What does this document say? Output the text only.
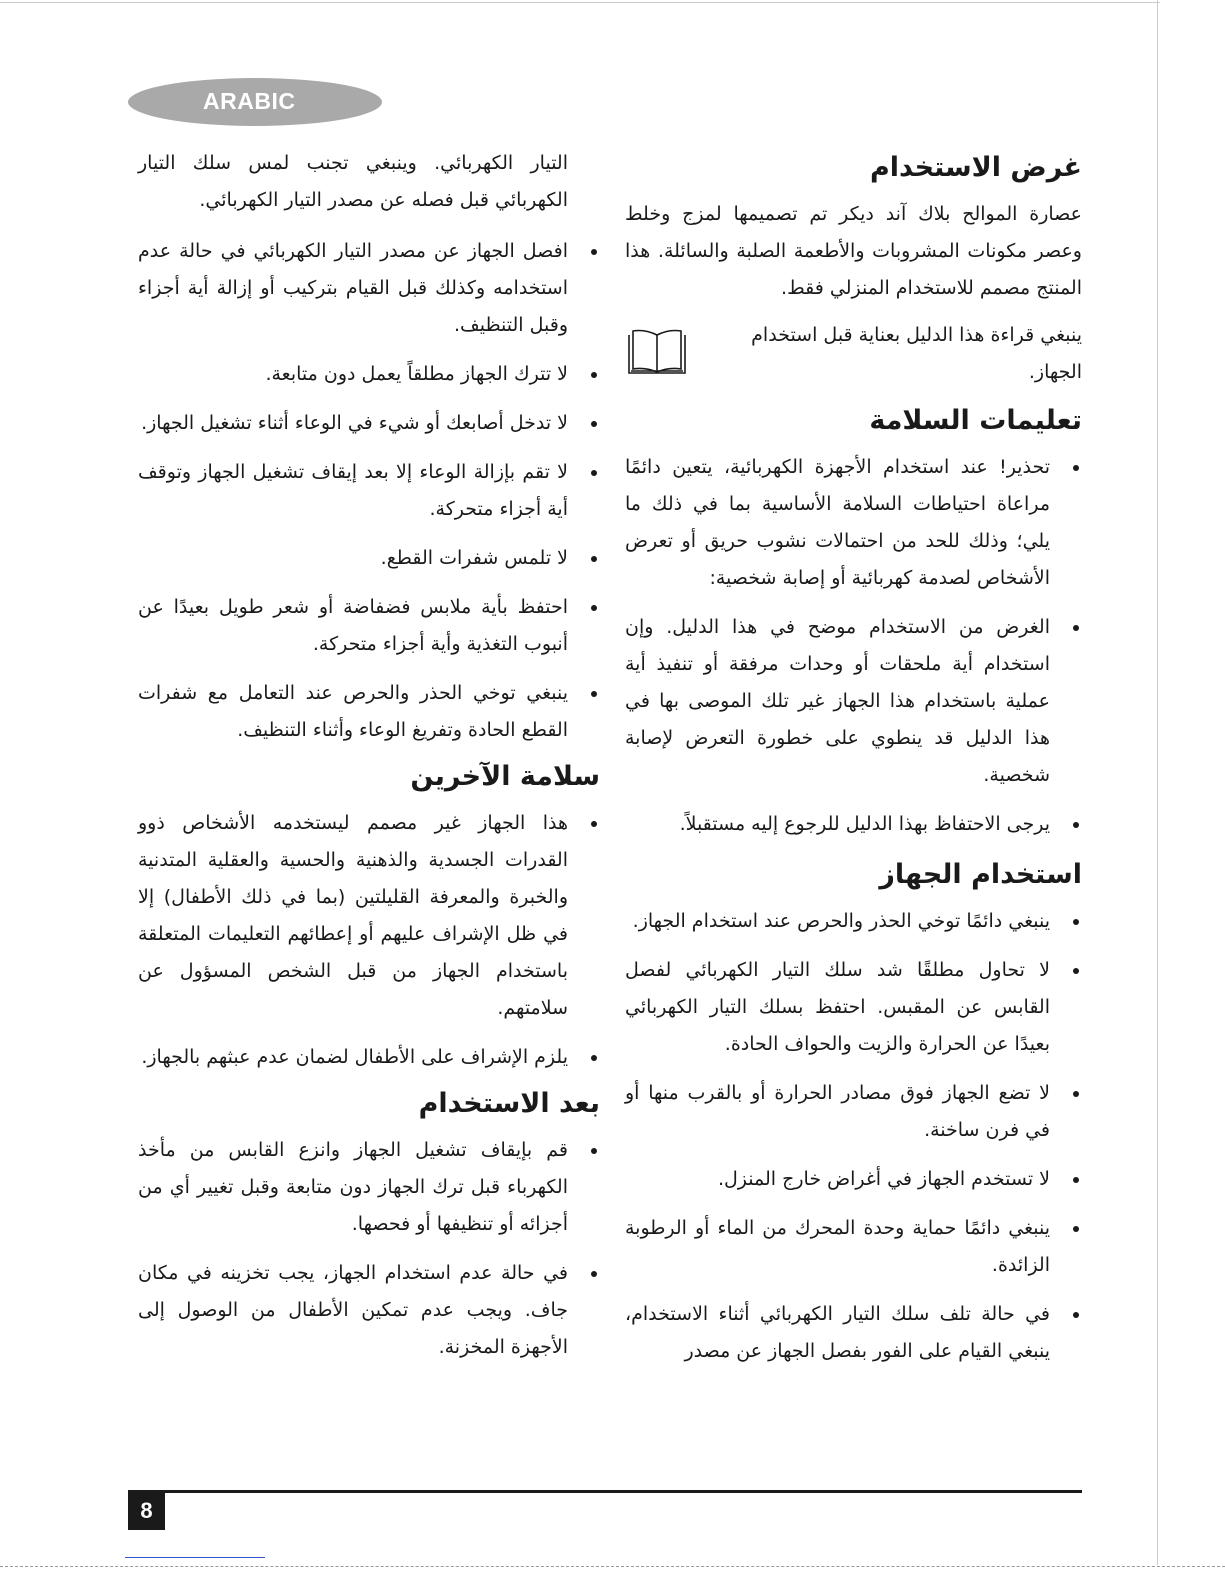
ARABIC
غرض الاستخدام

عصارة الموالح بلاك آند ديكر تم تصميمها لمزج وخلط وعصر مكونات المشروبات والأطعمة الصلبة والسائلة. هذا المنتج مصمم للاستخدام المنزلي فقط.

ينبغي قراءة هذا الدليل بعناية قبل استخدام الجهاز.
تعليمات السلامة
تحذير! عند استخدام الأجهزة الكهربائية، يتعين دائمًا مراعاة احتياطات السلامة الأساسية بما في ذلك ما يلي؛ وذلك للحد من احتمالات نشوب حريق أو تعرض الأشخاص لصدمة كهربائية أو إصابة شخصية:
الغرض من الاستخدام موضح في هذا الدليل. وإن استخدام أية ملحقات أو وحدات مرفقة أو تنفيذ أية عملية باستخدام هذا الجهاز غير تلك الموصى بها في هذا الدليل قد ينطوي على خطورة التعرض لإصابة شخصية.
يرجى الاحتفاظ بهذا الدليل للرجوع إليه مستقبلاً.
استخدام الجهاز
ينبغي دائمًا توخي الحذر والحرص عند استخدام الجهاز.
لا تحاول مطلقًا شد سلك التيار الكهربائي لفصل القابس عن المقبس. احتفظ بسلك التيار الكهربائي بعيدًا عن الحرارة والزيت والحواف الحادة.
لا تضع الجهاز فوق مصادر الحرارة أو بالقرب منها أو في فرن ساخنة.
لا تستخدم الجهاز في أغراض خارج المنزل.
ينبغي دائمًا حماية وحدة المحرك من الماء أو الرطوبة الزائدة.
في حالة تلف سلك التيار الكهربائي أثناء الاستخدام، ينبغي القيام على الفور بفصل الجهاز عن مصدر

التيار الكهربائي. وينبغي تجنب لمس سلك التيار الكهربائي قبل فصله عن مصدر التيار الكهربائي.

افصل الجهاز عن مصدر التيار الكهربائي في حالة عدم استخدامه وكذلك قبل القيام بتركيب أو إزالة أية أجزاء وقبل التنظيف.
لا تترك الجهاز مطلقاً يعمل دون متابعة.
لا تدخل أصابعك أو شيء في الوعاء أثناء تشغيل الجهاز.
لا تقم بإزالة الوعاء إلا بعد إيقاف تشغيل الجهاز وتوقف أية أجزاء متحركة.
لا تلمس شفرات القطع.
احتفظ بأية ملابس فضفاضة أو شعر طويل بعيدًا عن أنبوب التغذية وأية أجزاء متحركة.
ينبغي توخي الحذر والحرص عند التعامل مع شفرات القطع الحادة وتفريغ الوعاء وأثناء التنظيف.
سلامة الآخرين
هذا الجهاز غير مصمم ليستخدمه الأشخاص ذوو القدرات الجسدية والذهنية والحسية والعقلية المتدنية والخبرة والمعرفة القليلتين (بما في ذلك الأطفال) إلا في ظل الإشراف عليهم أو إعطائهم التعليمات المتعلقة باستخدام الجهاز من قبل الشخص المسؤول عن سلامتهم.
يلزم الإشراف على الأطفال لضمان عدم عبثهم بالجهاز.
بعد الاستخدام
قم بإيقاف تشغيل الجهاز وانزع القابس من مأخذ الكهرباء قبل ترك الجهاز دون متابعة وقبل تغيير أي من أجزائه أو تنظيفها أو فحصها.
في حالة عدم استخدام الجهاز، يجب تخزينه في مكان جاف. ويجب عدم تمكين الأطفال من الوصول إلى الأجهزة المخزنة.
8
